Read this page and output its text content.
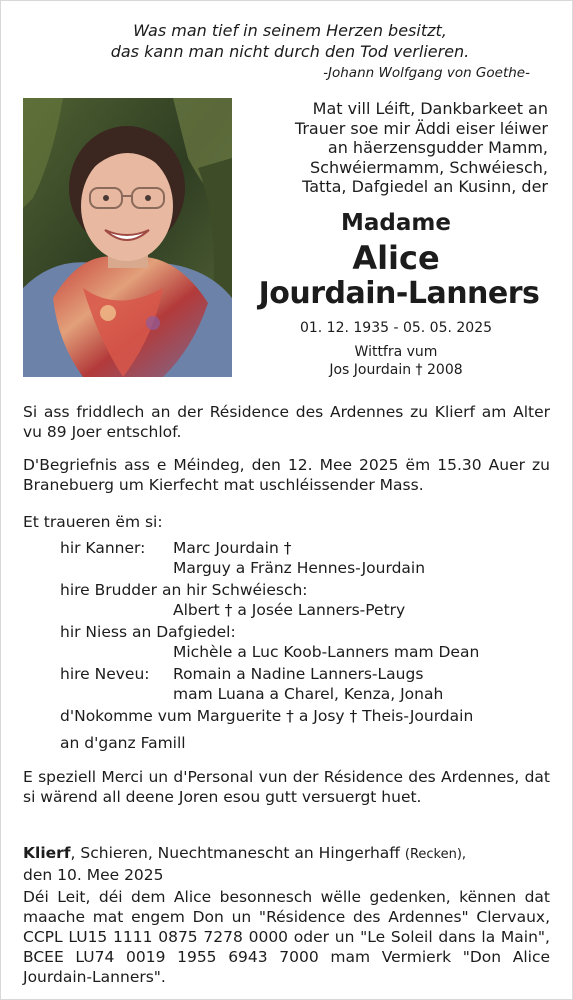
Was man tief in seinem Herzen besitzt,
das kann man nicht durch den Tod verlieren.
-Johann Wolfgang von Goethe-
Mat vill Léift, Dankbarkeet an
Trauer soe mir Äddi eiser léiwer
an häerzensgudder Mamm,
Schwéiermamm, Schwéiesch,
Tatta, Dafgiedel an Kusinn, der
Madame
Alice
Jourdain-Lanners
01. 12. 1935 - 05. 05. 2025
Wittfra vum
Jos Jourdain † 2008
Si ass friddlech an der Résidence des Ardennes zu Klierf am Alter vu 89 Joer entschlof.
D'Begriefnis ass e Méindeg, den 12. Mee 2025 ëm 15.30 Auer zu Branebuerg um Kierfecht mat uschléissender Mass.
Et traueren ëm si:
hir Kanner: Marc Jourdain †
Marguy a Fränz Hennes-Jourdain
hire Brudder an hir Schwéiesch:
Albert † a Josée Lanners-Petry
hir Niess an Dafgiedel:
Michèle a Luc Koob-Lanners mam Dean
hire Neveu: Romain a Nadine Lanners-Laugs
mam Luana a Charel, Kenza, Jonah
d'Nokomme vum Marguerite † a Josy † Theis-Jourdain
an d'ganz Famill
E speziell Merci un d'Personal vun der Résidence des Ardennes, dat si wärend all deene Joren esou gutt versuergt huet.
Klierf, Schieren, Nuechtmanescht an Hingerhaff (Recken),
den 10. Mee 2025
Déi Leit, déi dem Alice besonnesch wëlle gedenken, kënnen dat maache mat engem Don un "Résidence des Ardennes" Clervaux, CCPL LU15 1111 0875 7278 0000 oder un "Le Soleil dans la Main", BCEE LU74 0019 1955 6943 7000 mam Vermierk "Don Alice Jourdain-Lanners".
